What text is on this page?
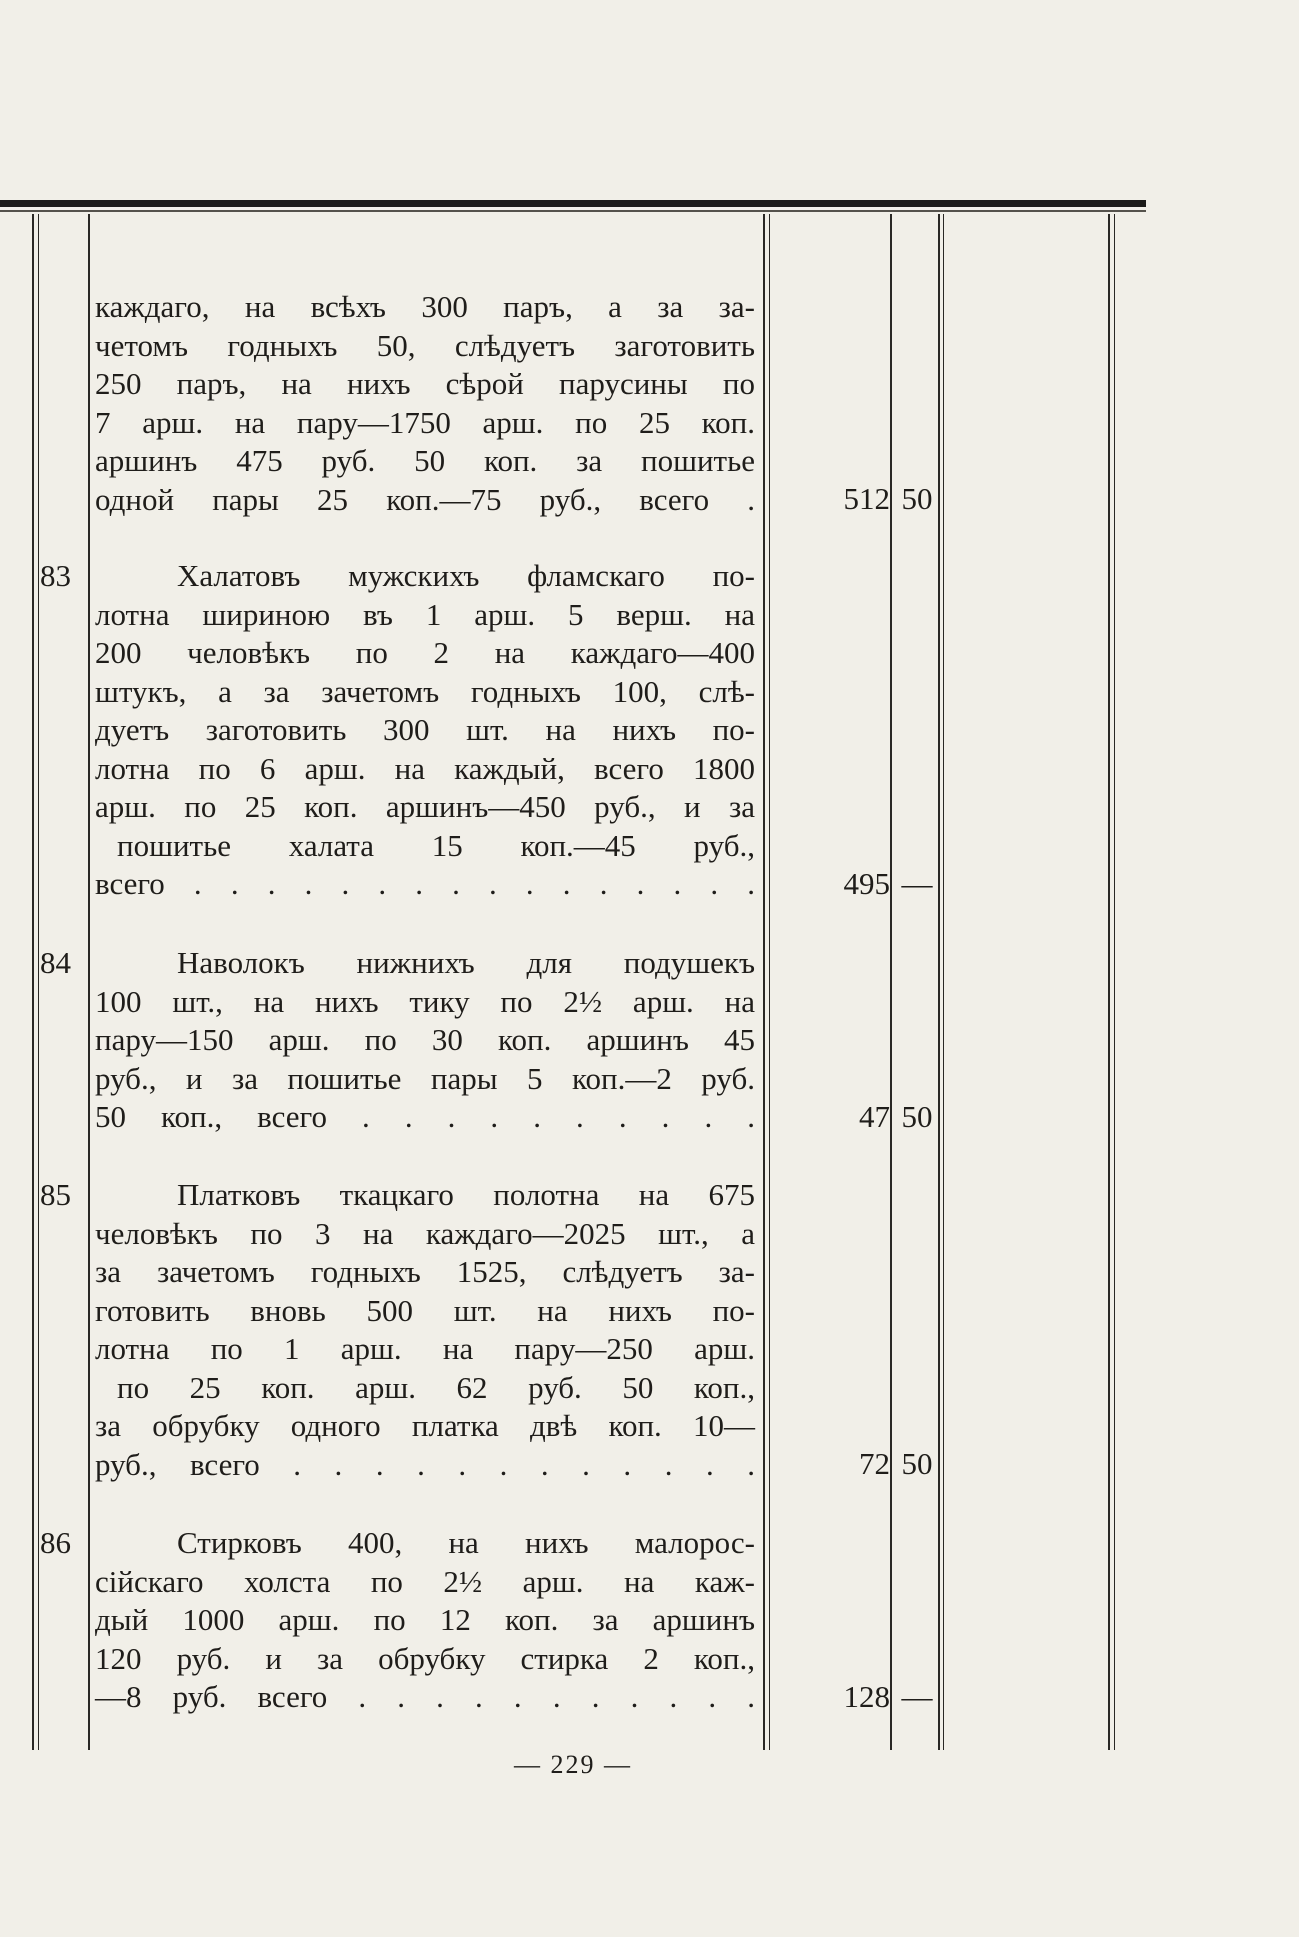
каждаго, на всѣхъ 300 паръ, а за за-
четомъ годныхъ 50, слѣдуетъ заготовить
250 паръ, на нихъ сѣрой парусины по
7 арш. на пару—1750 арш. по 25 коп.
аршинъ 475 руб. 50 коп. за пошитье
одной пары 25 коп.—75 руб., всего .	512 50
83	Халатовъ мужскихъ фламскаго по-
лотна шириною въ 1 арш. 5 верш. на
200 человѣкъ по 2 на каждаго—400
штукъ, а за зачетомъ годныхъ 100, слѣ-
дуетъ заготовить 300 шт. на нихъ по-
лотна по 6 арш. на каждый, всего 1800
арш. по 25 коп. аршинъ—450 руб., и за
пошитье халата 15 коп.—45 руб.,
всего . . . . . . . . . . . . . . . .	495 —
84	Наволокъ нижнихъ для подушекъ
100 шт., на нихъ тику по 2½ арш. на
пару—150 арш. по 30 коп. аршинъ 45
руб., и за пошитье пары 5 коп.—2 руб.
50 коп., всего . . . . . . . . . .	47 50
85	Платковъ ткацкаго полотна на 675
человѣкъ по 3 на каждаго—2025 шт., а
за зачетомъ годныхъ 1525, слѣдуетъ за-
готовить вновь 500 шт. на нихъ по-
лотна по 1 арш. на пару—250 арш.
по 25 коп. арш. 62 руб. 50 коп.,
за обрубку одного платка двѣ коп. 10—
руб., всего . . . . . . . . . . . .	72 50
86	Стирковъ 400, на нихъ малорос-
сійскаго холста по 2½ арш. на каж-
дый 1000 арш. по 12 коп. за аршинъ
120 руб. и за обрубку стирка 2 коп.,
—8 руб. всего . . . . . . . . . . .	128 —
— 229 —
